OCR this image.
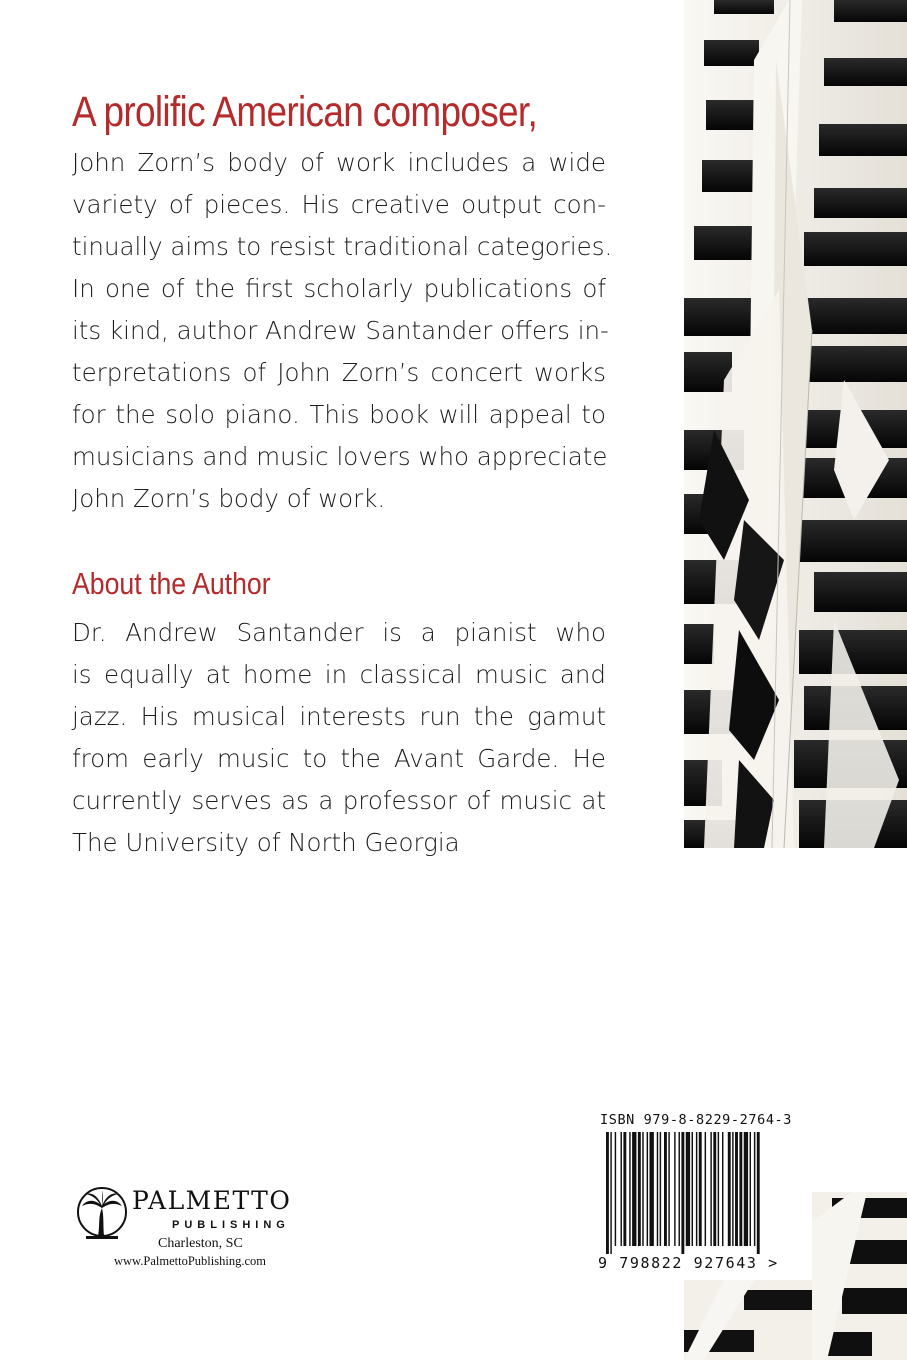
A prolific American composer,
John Zorn’s body of work includes a wide
variety of pieces. His creative output con-
tinually aims to resist traditional categories.
In one of the first scholarly publications of
its kind, author Andrew Santander offers in-
terpretations of John Zorn’s concert works
for the solo piano. This book will appeal to
musicians and music lovers who appreciate
John Zorn’s body of work.
About the Author
Dr. Andrew Santander is a pianist who
is equally at home in classical music and
jazz. His musical interests run the gamut
from early music to the Avant Garde. He
currently serves as a professor of music at
The University of North Georgia
ISBN 979-8-8229-2764-3
9 798822 927643 >
PALMETTO
PUBLISHING
Charleston, SC
www.PalmettoPublishing.com
